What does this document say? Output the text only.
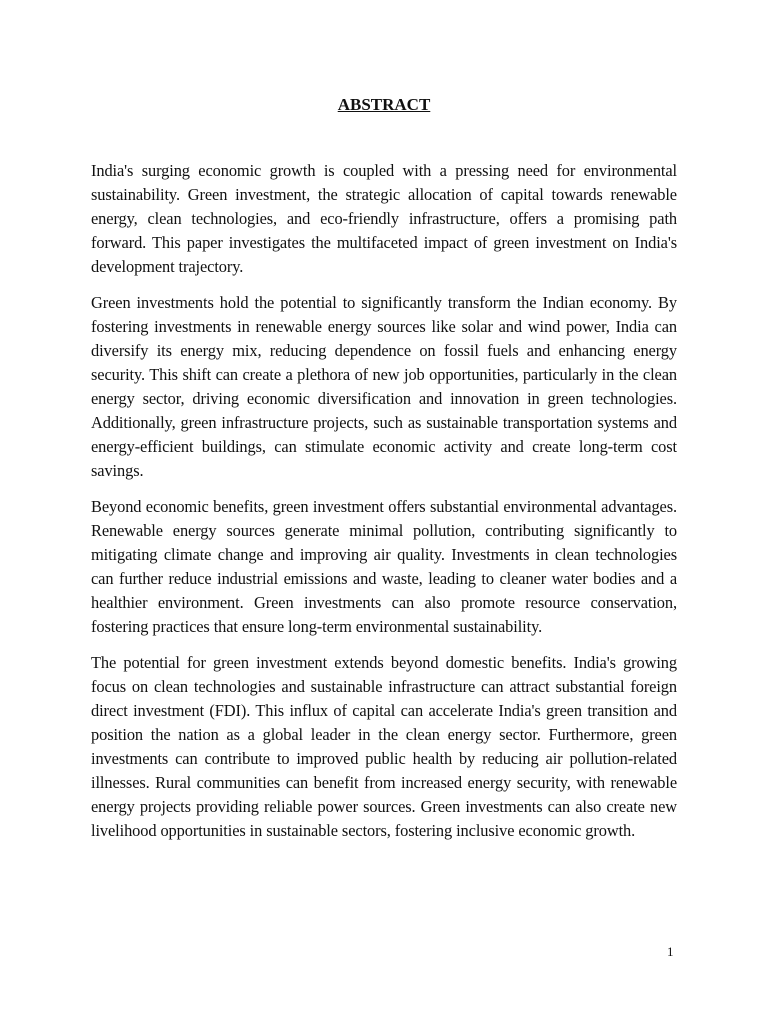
ABSTRACT

India's surging economic growth is coupled with a pressing need for environmental sustainability. Green investment, the strategic allocation of capital towards renewable energy, clean technologies, and eco-friendly infrastructure, offers a promising path forward. This paper investigates the multifaceted impact of green investment on India's development trajectory.

Green investments hold the potential to significantly transform the Indian economy. By fostering investments in renewable energy sources like solar and wind power, India can diversify its energy mix, reducing dependence on fossil fuels and enhancing energy security. This shift can create a plethora of new job opportunities, particularly in the clean energy sector, driving economic diversification and innovation in green technologies. Additionally, green infrastructure projects, such as sustainable transportation systems and energy-efficient buildings, can stimulate economic activity and create long-term cost savings.

Beyond economic benefits, green investment offers substantial environmental advantages. Renewable energy sources generate minimal pollution, contributing significantly to mitigating climate change and improving air quality. Investments in clean technologies can further reduce industrial emissions and waste, leading to cleaner water bodies and a healthier environment. Green investments can also promote resource conservation, fostering practices that ensure long-term environmental sustainability.

The potential for green investment extends beyond domestic benefits. India's growing focus on clean technologies and sustainable infrastructure can attract substantial foreign direct investment (FDI). This influx of capital can accelerate India's green transition and position the nation as a global leader in the clean energy sector. Furthermore, green investments can contribute to improved public health by reducing air pollution-related illnesses. Rural communities can benefit from increased energy security, with renewable energy projects providing reliable power sources. Green investments can also create new livelihood opportunities in sustainable sectors, fostering inclusive economic growth.

1
